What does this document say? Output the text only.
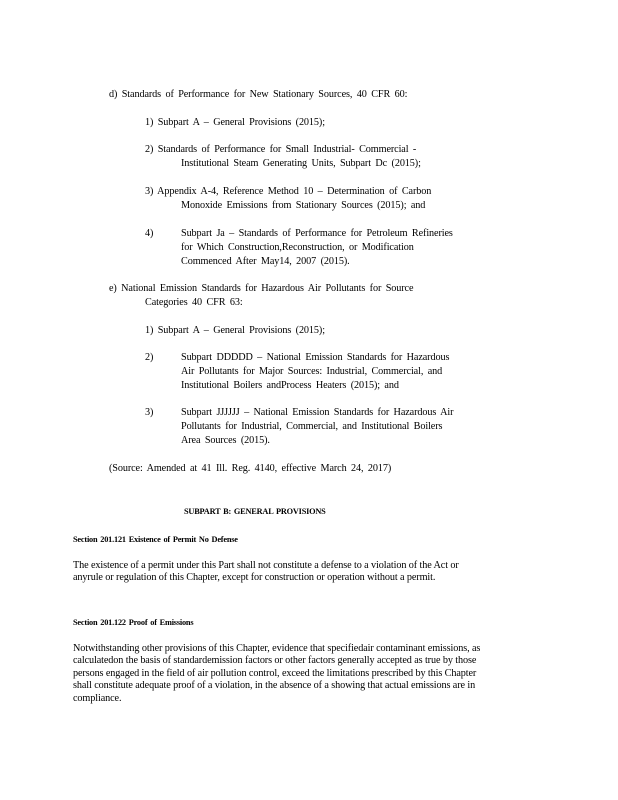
d) Standards of Performance for New Stationary Sources, 40 CFR 60:
1) Subpart A – General Provisions (2015);
2) Standards of Performance for Small Industrial- Commercial -
Institutional Steam Generating Units, Subpart Dc (2015);
3) Appendix A-4, Reference Method 10 – Determination of Carbon
Monoxide Emissions from Stationary Sources (2015); and
4)	Subpart Ja – Standards of Performance for Petroleum Refineries
for Which Construction,Reconstruction, or Modification
Commenced After May14, 2007 (2015).
e) National Emission Standards for Hazardous Air Pollutants for Source
Categories 40 CFR 63:
1) Subpart A – General Provisions (2015);
2)	Subpart DDDDD – National Emission Standards for Hazardous
Air Pollutants for Major Sources: Industrial, Commercial, and
Institutional Boilers andProcess Heaters (2015); and
3)	Subpart JJJJJJ – National Emission Standards for Hazardous Air
Pollutants for Industrial, Commercial, and Institutional Boilers
Area Sources (2015).
(Source: Amended at 41 Ill. Reg. 4140, effective March 24, 2017)
SUBPART B: GENERAL PROVISIONS
Section 201.121 Existence of Permit No Defense
The existence of a permit under this Part shall not constitute a defense to a violation of the Act or anyrule or regulation of this Chapter, except for construction or operation without a permit.
Section 201.122 Proof of Emissions
Notwithstanding other provisions of this Chapter, evidence that specifiedair contaminant emissions, as calculatedon the basis of standardemission factors or other factors generally accepted as true by those persons engaged in the field of air pollution control, exceed the limitations prescribed by this Chapter shall constitute adequate proof of a violation, in the absence of a showing that actual emissions are in compliance.
